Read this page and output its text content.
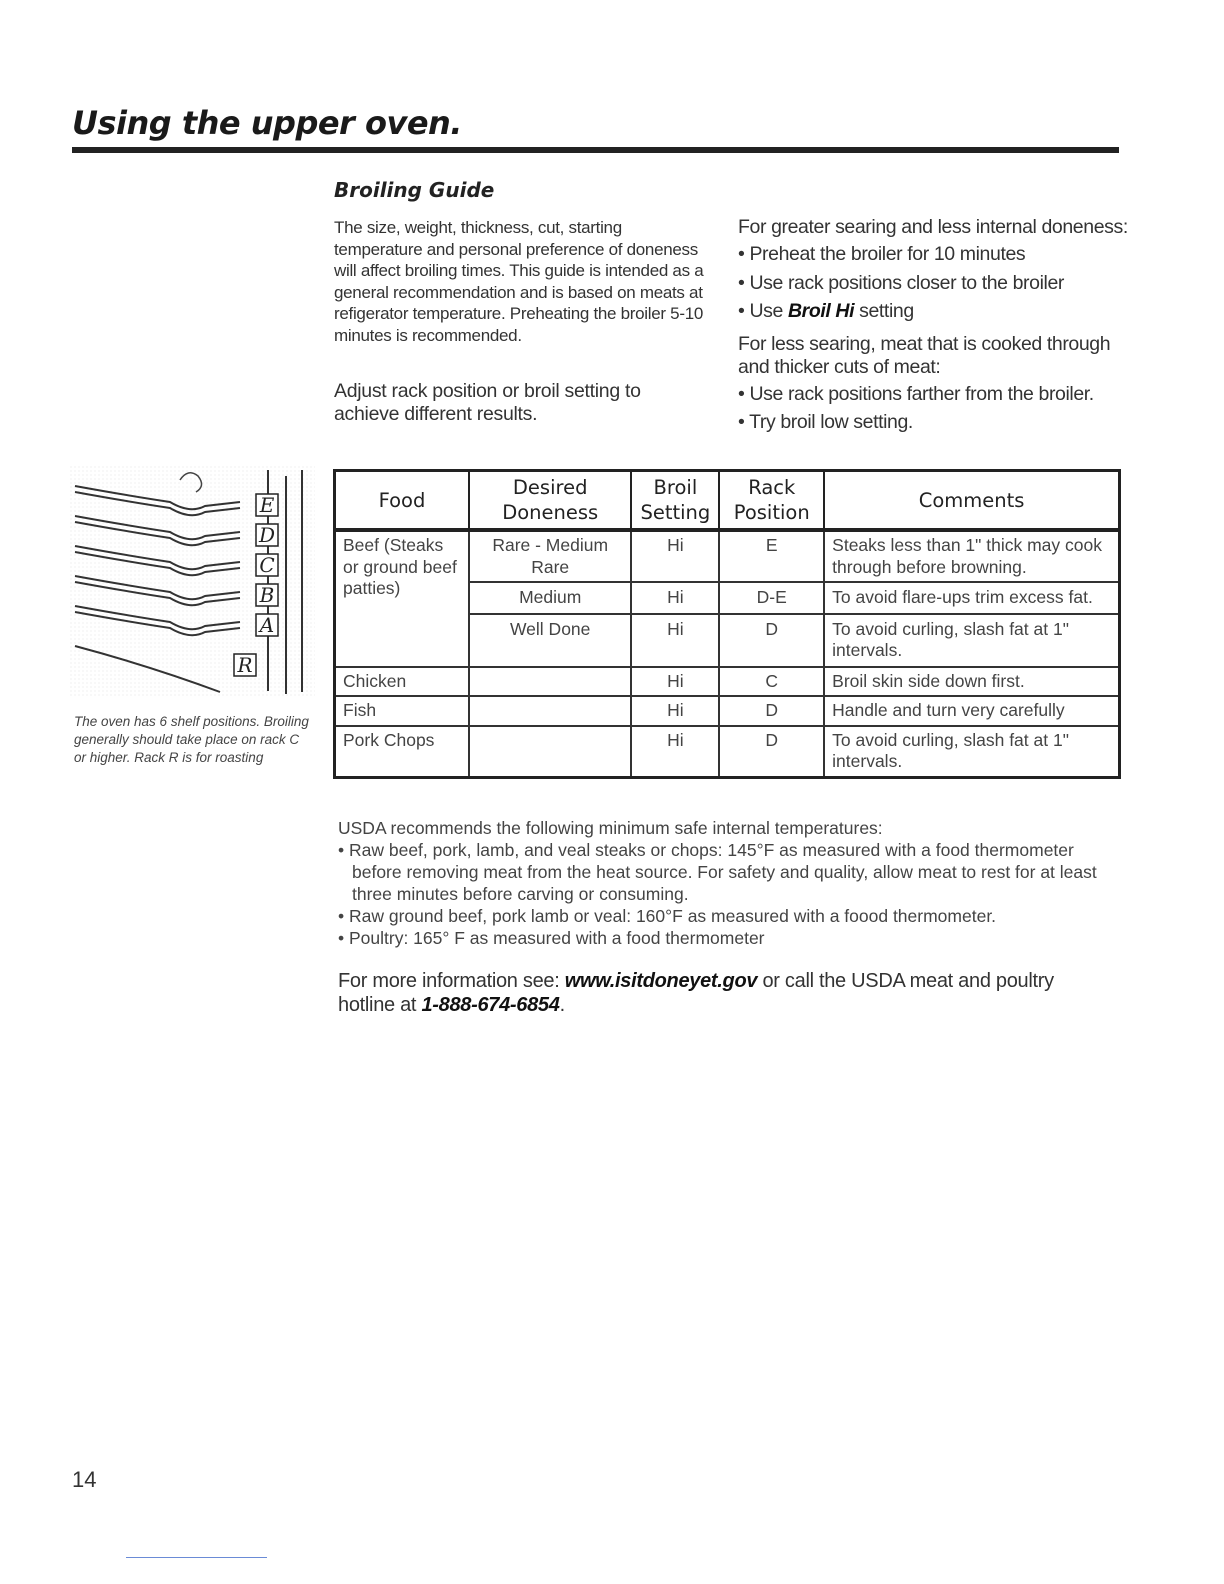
Using the upper oven.
Broiling Guide
The size, weight, thickness, cut, starting temperature and personal preference of doneness will affect broiling times. This guide is intended as a general recommendation and is based on meats at refigerator temperature. Preheating the broiler 5-10 minutes is recommended.
Adjust rack position or broil setting to achieve different results.

For greater searing and less internal doneness:

• Preheat the broiler for 10 minutes
• Use rack positions closer to the broiler
• Use Broil Hi setting

For less searing, meat that is cooked through and thicker cuts of meat:

• Use rack positions farther from the broiler.
• Try broil low setting.
E
D
C
B
A
R
The oven has 6 shelf positions. Broiling generally should take place on rack C or higher. Rack R is for roasting
Food	Desired Doneness	Broil Setting	Rack Position	Comments
Beef (Steaks or ground beef patties)	Rare - Medium Rare	Hi	E	Steaks less than 1" thick may cook through before browning.
	Medium	Hi	D-E	To avoid flare-ups trim excess fat.
	Well Done	Hi	D	To avoid curling, slash fat at 1" intervals.
Chicken		Hi	C	Broil skin side down first.
Fish		Hi	D	Handle and turn very carefully
Pork Chops		Hi	D	To avoid curling, slash fat at 1" intervals.

USDA recommends the following minimum safe internal temperatures:

• Raw beef, pork, lamb, and veal steaks or chops: 145°F as measured with a food thermometer before removing meat from the heat source. For safety and quality, allow meat to rest for at least three minutes before carving or consuming.
• Raw ground beef, pork lamb or veal: 160°F as measured with a foood thermometer.
• Poultry: 165° F as measured with a food thermometer
For more information see: www.isitdoneyet.gov or call the USDA meat and poultry hotline at 1-888-674-6854.
14
